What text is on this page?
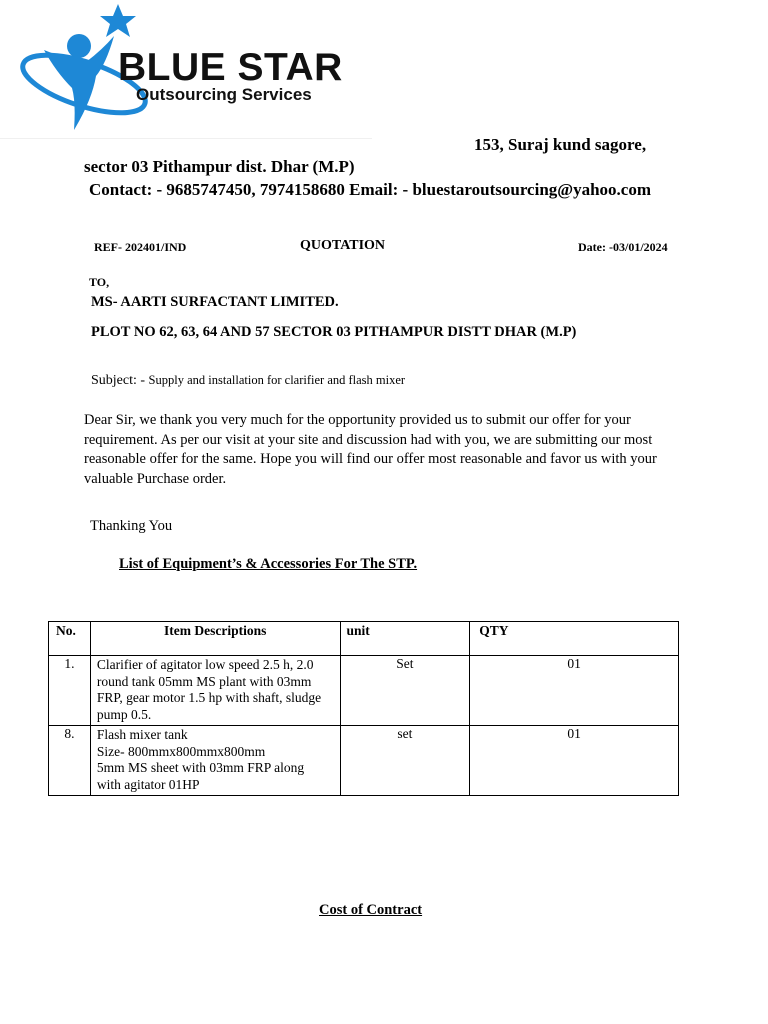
BLUE STAR
Outsourcing Services
153, Suraj kund sagore,
sector 03 Pithampur dist. Dhar (M.P)
Contact: - 9685747450, 7974158680 Email: - bluestaroutsourcing@yahoo.com
REF- 202401/IND	QUOTATION	Date: -03/01/2024
TO,
MS- AARTI SURFACTANT LIMITED.
PLOT NO 62, 63, 64 AND 57 SECTOR 03 PITHAMPUR DISTT DHAR (M.P)
Subject: - Supply and installation for clarifier and flash mixer
Dear Sir, we thank you very much for the opportunity provided us to submit our offer for your requirement. As per our visit at your site and discussion had with you, we are submitting our most reasonable offer for the same. Hope you will find our offer most reasonable and favor us with your valuable Purchase order.
Thanking You
List of Equipment’s & Accessories For The STP.
No.	Item Descriptions	unit	QTY
1.	Clarifier of agitator low speed 2.5 h, 2.0
round tank 05mm MS plant with 03mm
FRP, gear motor 1.5 hp with shaft, sludge
pump 0.5.	Set	01
8.	Flash mixer tank
Size- 800mmx800mmx800mm
5mm MS sheet with 03mm FRP along
with agitator 01HP	set	01
Cost of Contract
